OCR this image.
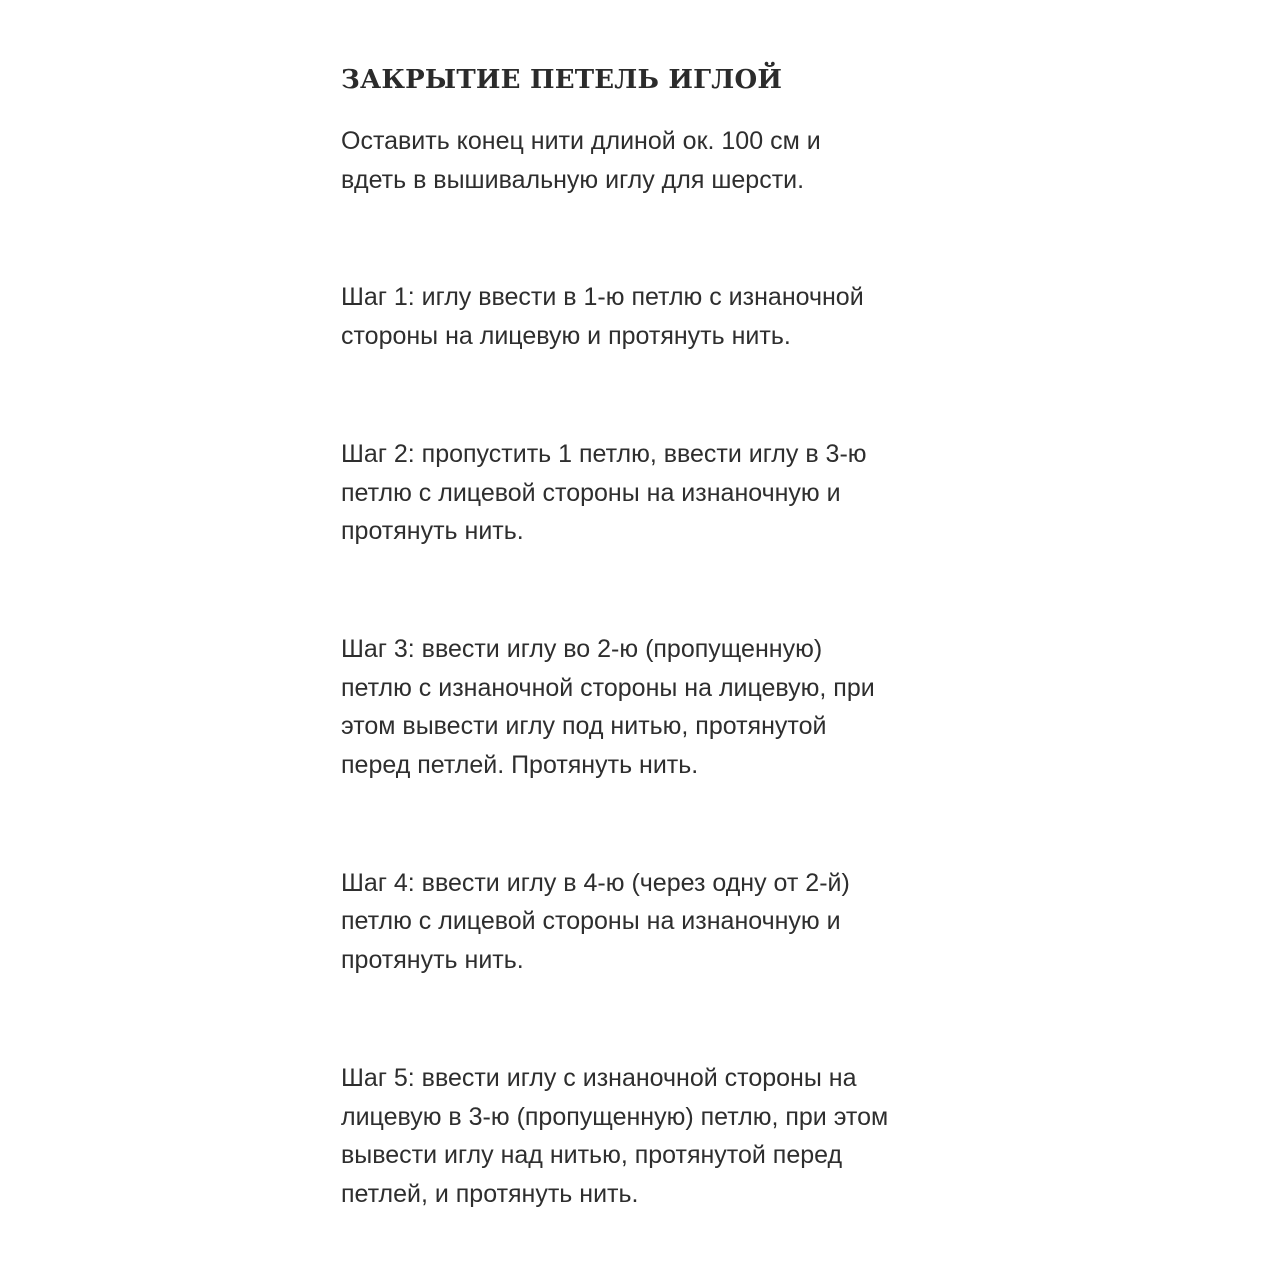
ЗАКРЫТИЕ ПЕТЕЛЬ ИГЛОЙ

Оставить конец нити длиной ок. 100 см и
вдеть в вышивальную иглу для шерсти.

Шаг 1: иглу ввести в 1-ю петлю с изнаночной
стороны на лицевую и протянуть нить.

Шаг 2: пропустить 1 петлю, ввести иглу в 3-ю
петлю с лицевой стороны на изнаночную и
протянуть нить.

Шаг 3: ввести иглу во 2-ю (пропущенную)
петлю с изнаночной стороны на лицевую, при
этом вывести иглу под нитью, протянутой
перед петлей. Протянуть нить.

Шаг 4: ввести иглу в 4-ю (через одну от 2-й)
петлю с лицевой стороны на изнаночную и
протянуть нить.

Шаг 5: ввести иглу с изнаночной стороны на
лицевую в 3-ю (пропущенную) петлю, при этом
вывести иглу над нитью, протянутой перед
петлей, и протянуть нить.
